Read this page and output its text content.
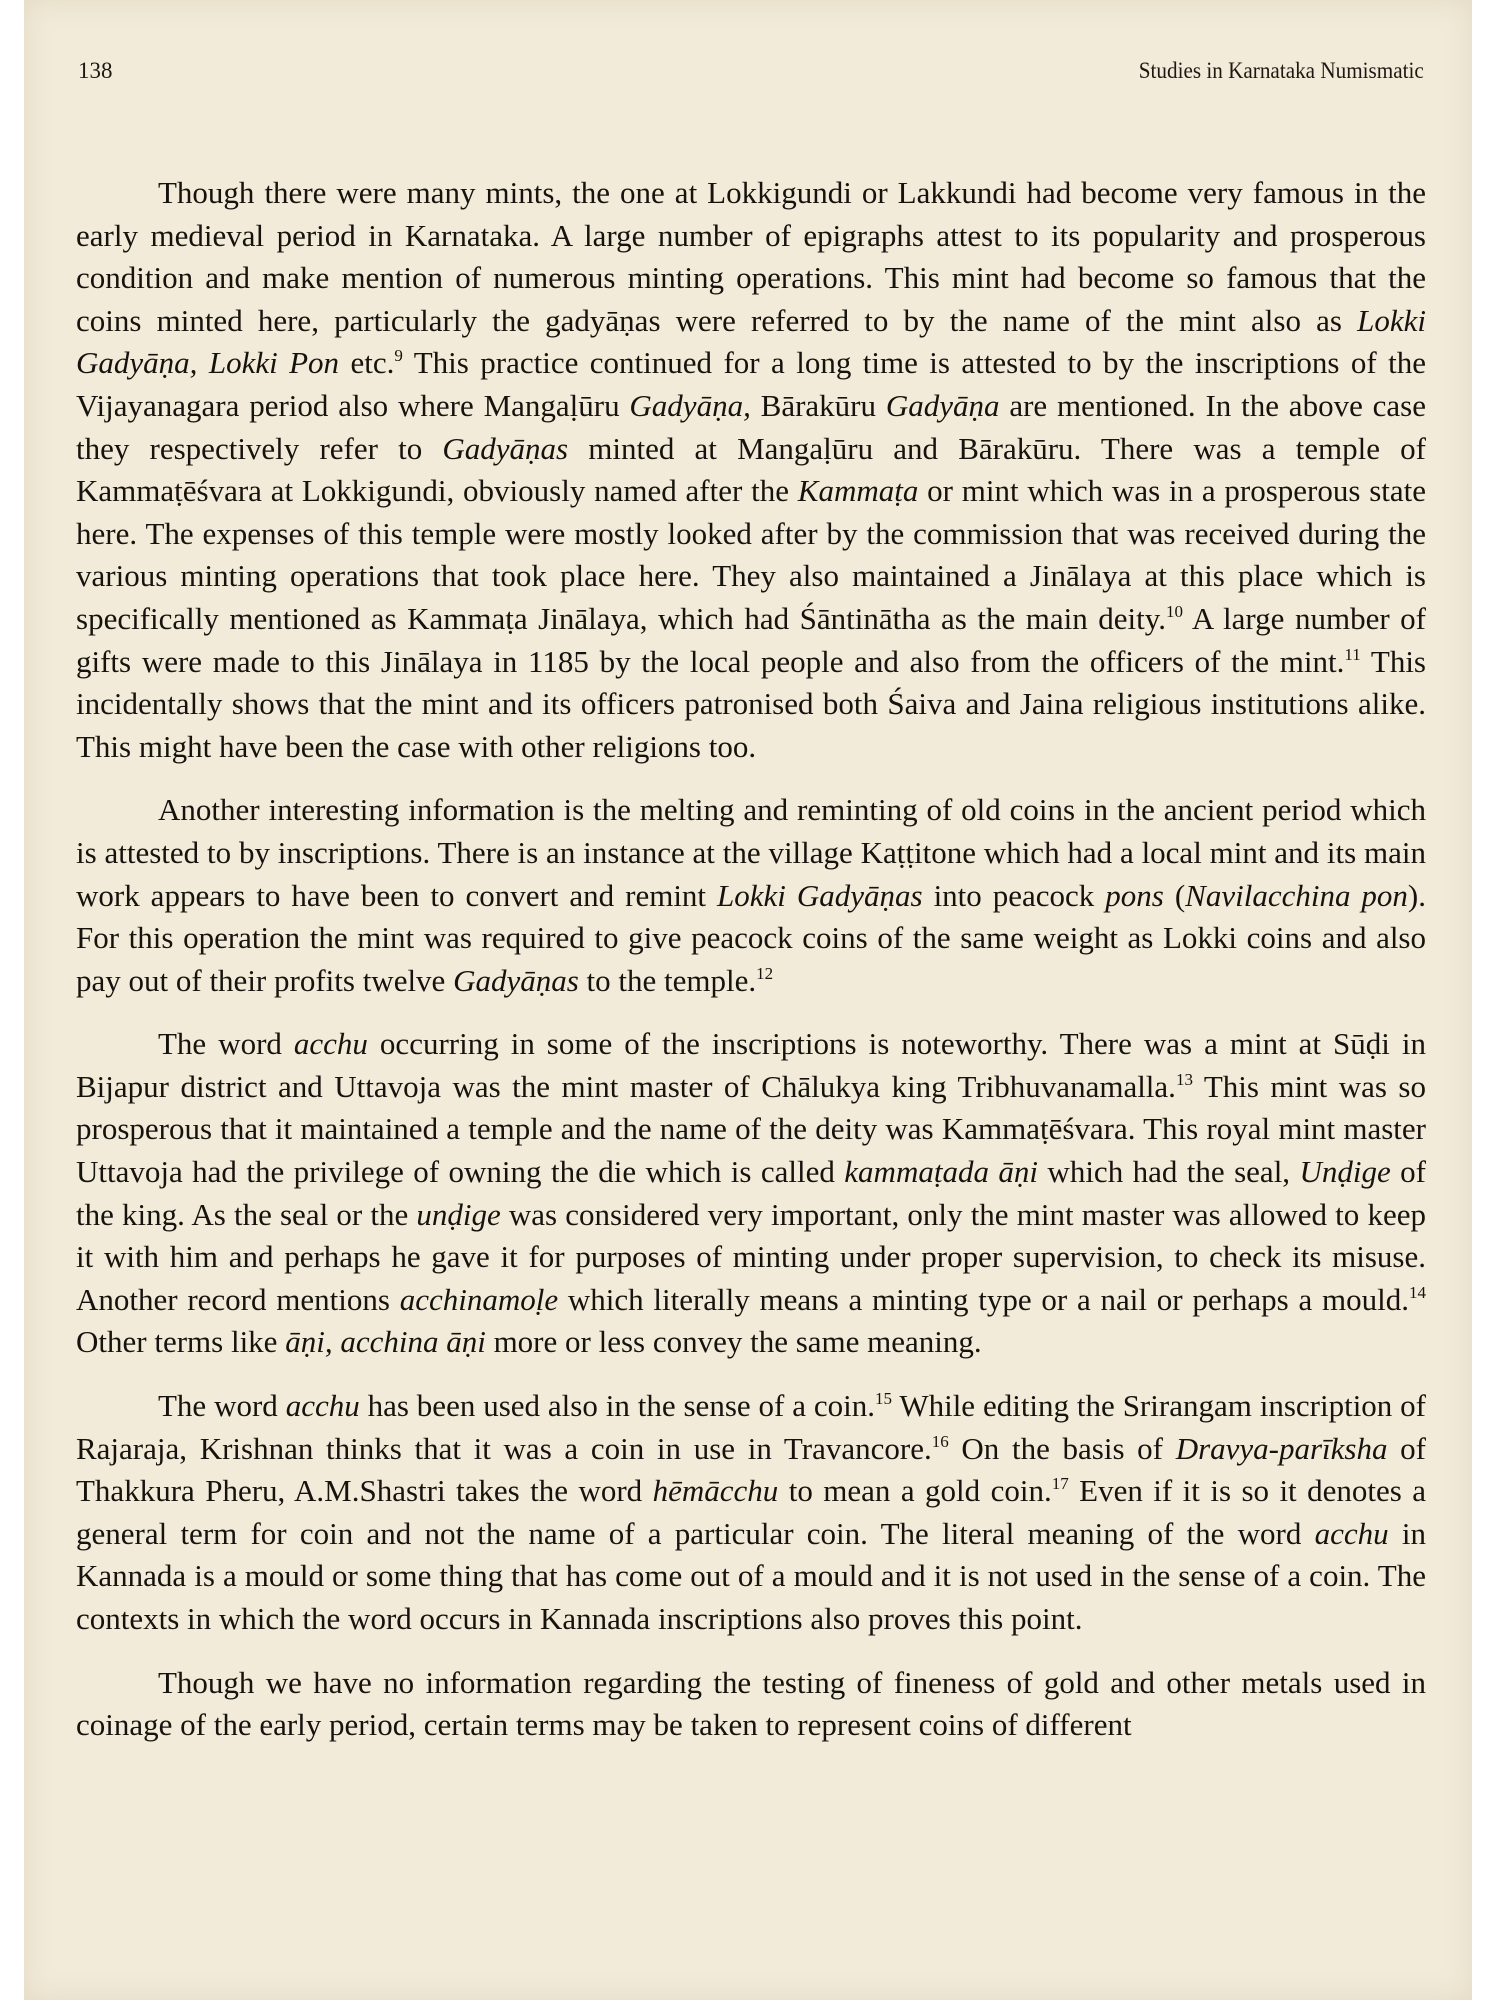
138	Studies in Karnataka Numismatic

Though there were many mints, the one at Lokkigundi or Lakkundi had become very famous in the early medieval period in Karnataka. A large number of epigraphs attest to its popularity and prosperous condition and make mention of numerous minting operations. This mint had become so famous that the coins minted here, particularly the gadyāṇas were referred to by the name of the mint also as Lokki Gadyāṇa, Lokki Pon etc.$^9$ This practice continued for a long time is attested to by the inscriptions of the Vijayanagara period also where Mangaḷūru Gadyāṇa, Bārakūru Gadyāṇa are mentioned. In the above case they respectively refer to Gadyāṇas minted at Mangaḷūru and Bārakūru. There was a temple of Kammaṭēśvara at Lokkigundi, obviously named after the Kammaṭa or mint which was in a prosperous state here. The expenses of this temple were mostly looked after by the commission that was received during the various minting operations that took place here. They also maintained a Jinālaya at this place which is specifically mentioned as Kammaṭa Jinālaya, which had Śāntinātha as the main deity.$^{10}$ A large number of gifts were made to this Jinālaya in 1185 by the local people and also from the officers of the mint.$^{11}$ This incidentally shows that the mint and its officers patronised both Śaiva and Jaina religious institutions alike. This might have been the case with other religions too.

Another interesting information is the melting and reminting of old coins in the ancient period which is attested to by inscriptions. There is an instance at the village Kaṭṭitone which had a local mint and its main work appears to have been to convert and remint Lokki Gadyāṇas into peacock pons (Navilacchina pon). For this operation the mint was required to give peacock coins of the same weight as Lokki coins and also pay out of their profits twelve Gadyāṇas to the temple.$^{12}$

The word acchu occurring in some of the inscriptions is noteworthy. There was a mint at Sūḍi in Bijapur district and Uttavoja was the mint master of Chālukya king Tribhuvanamalla.$^{13}$ This mint was so prosperous that it maintained a temple and the name of the deity was Kammaṭēśvara. This royal mint master Uttavoja had the privilege of owning the die which is called kammaṭada āṇi which had the seal, Unḍige of the king. As the seal or the unḍige was considered very important, only the mint master was allowed to keep it with him and perhaps he gave it for purposes of minting under proper supervision, to check its misuse. Another record mentions acchinamoḷe which literally means a minting type or a nail or perhaps a mould.$^{14}$ Other terms like āṇi, acchina āṇi more or less convey the same meaning.

The word acchu has been used also in the sense of a coin.$^{15}$ While editing the Srirangam inscription of Rajaraja, Krishnan thinks that it was a coin in use in Travancore.$^{16}$ On the basis of Dravya-parīksha of Thakkura Pheru, A.M.Shastri takes the word hēmācchu to mean a gold coin.$^{17}$ Even if it is so it denotes a general term for coin and not the name of a particular coin. The literal meaning of the word acchu in Kannada is a mould or some thing that has come out of a mould and it is not used in the sense of a coin. The contexts in which the word occurs in Kannada inscriptions also proves this point.

Though we have no information regarding the testing of fineness of gold and other metals used in coinage of the early period, certain terms may be taken to represent coins of different
